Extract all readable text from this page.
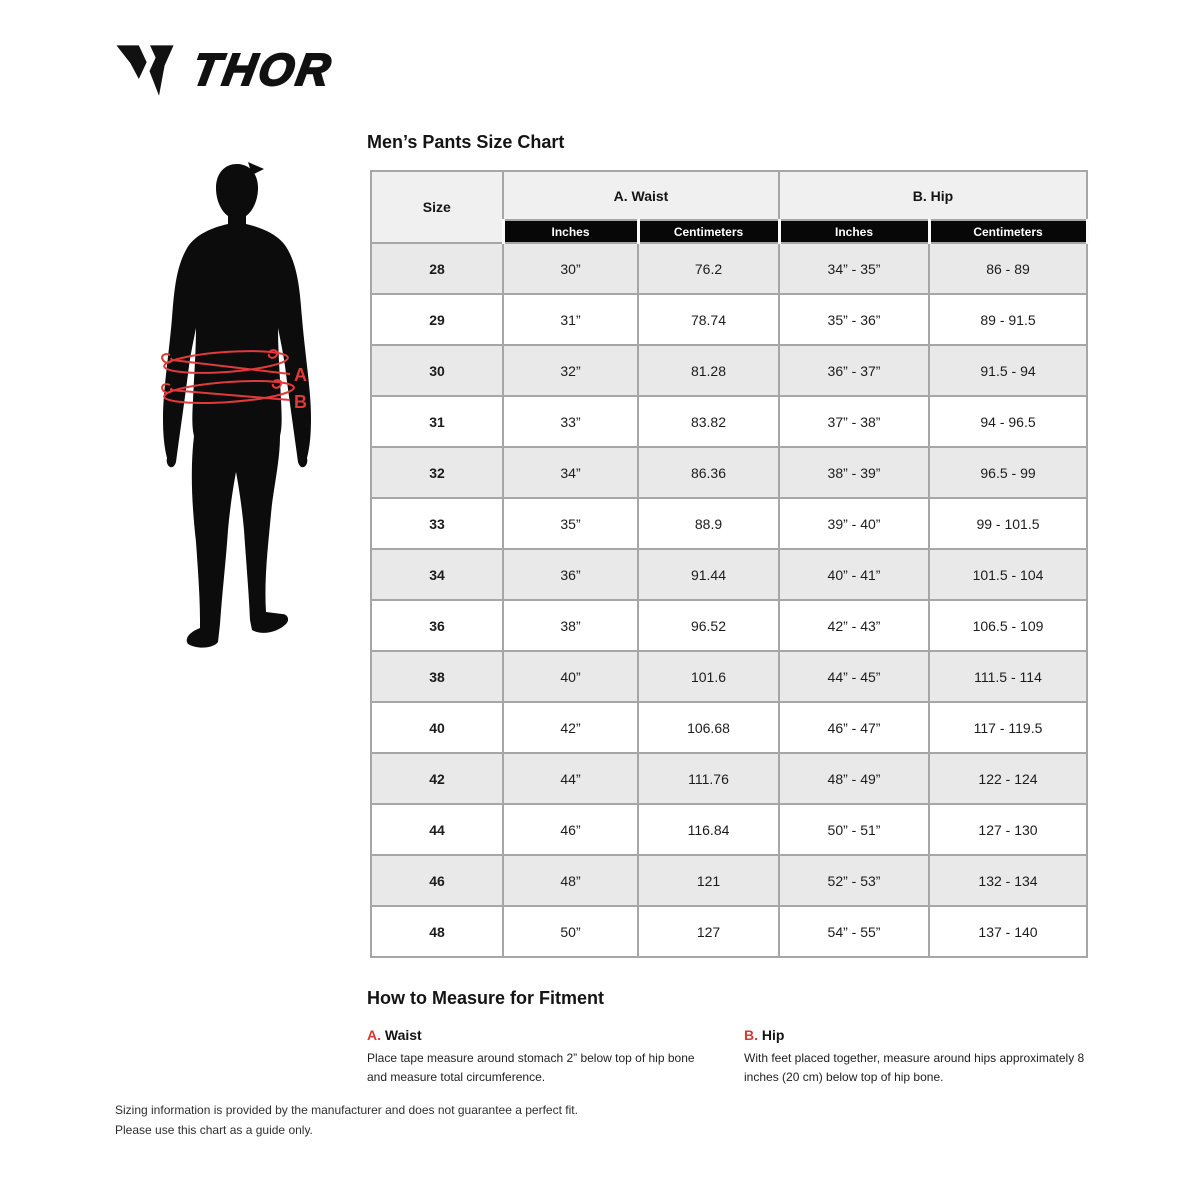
THOR
A
B
Men’s Pants Size Chart
Size	A. Waist		B. Hip	
	Inches	Centimeters	Inches	Centimeters
28	30”	76.2	34” - 35”	86 - 89
29	31”	78.74	35” - 36”	89 - 91.5
30	32”	81.28	36” - 37”	91.5 - 94
31	33”	83.82	37” - 38”	94 - 96.5
32	34”	86.36	38” - 39”	96.5 - 99
33	35”	88.9	39” - 40”	99 - 101.5
34	36”	91.44	40” - 41”	101.5 - 104
36	38”	96.52	42” - 43”	106.5 - 109
38	40”	101.6	44” - 45”	111.5 - 114
40	42”	106.68	46” - 47”	117 - 119.5
42	44”	111.76	48” - 49”	122 - 124
44	46”	116.84	50” - 51”	127 - 130
46	48”	121	52” - 53”	132 - 134
48	50”	127	54” - 55”	137 - 140
How to Measure for Fitment
A. Waist
Place tape measure around stomach 2” below top of hip bone and measure total circumference.
B. Hip
With feet placed together, measure around hips approximately 8 inches (20 cm) below top of hip bone.
Sizing information is provided by the manufacturer and does not guarantee a perfect fit.
Please use this chart as a guide only.
